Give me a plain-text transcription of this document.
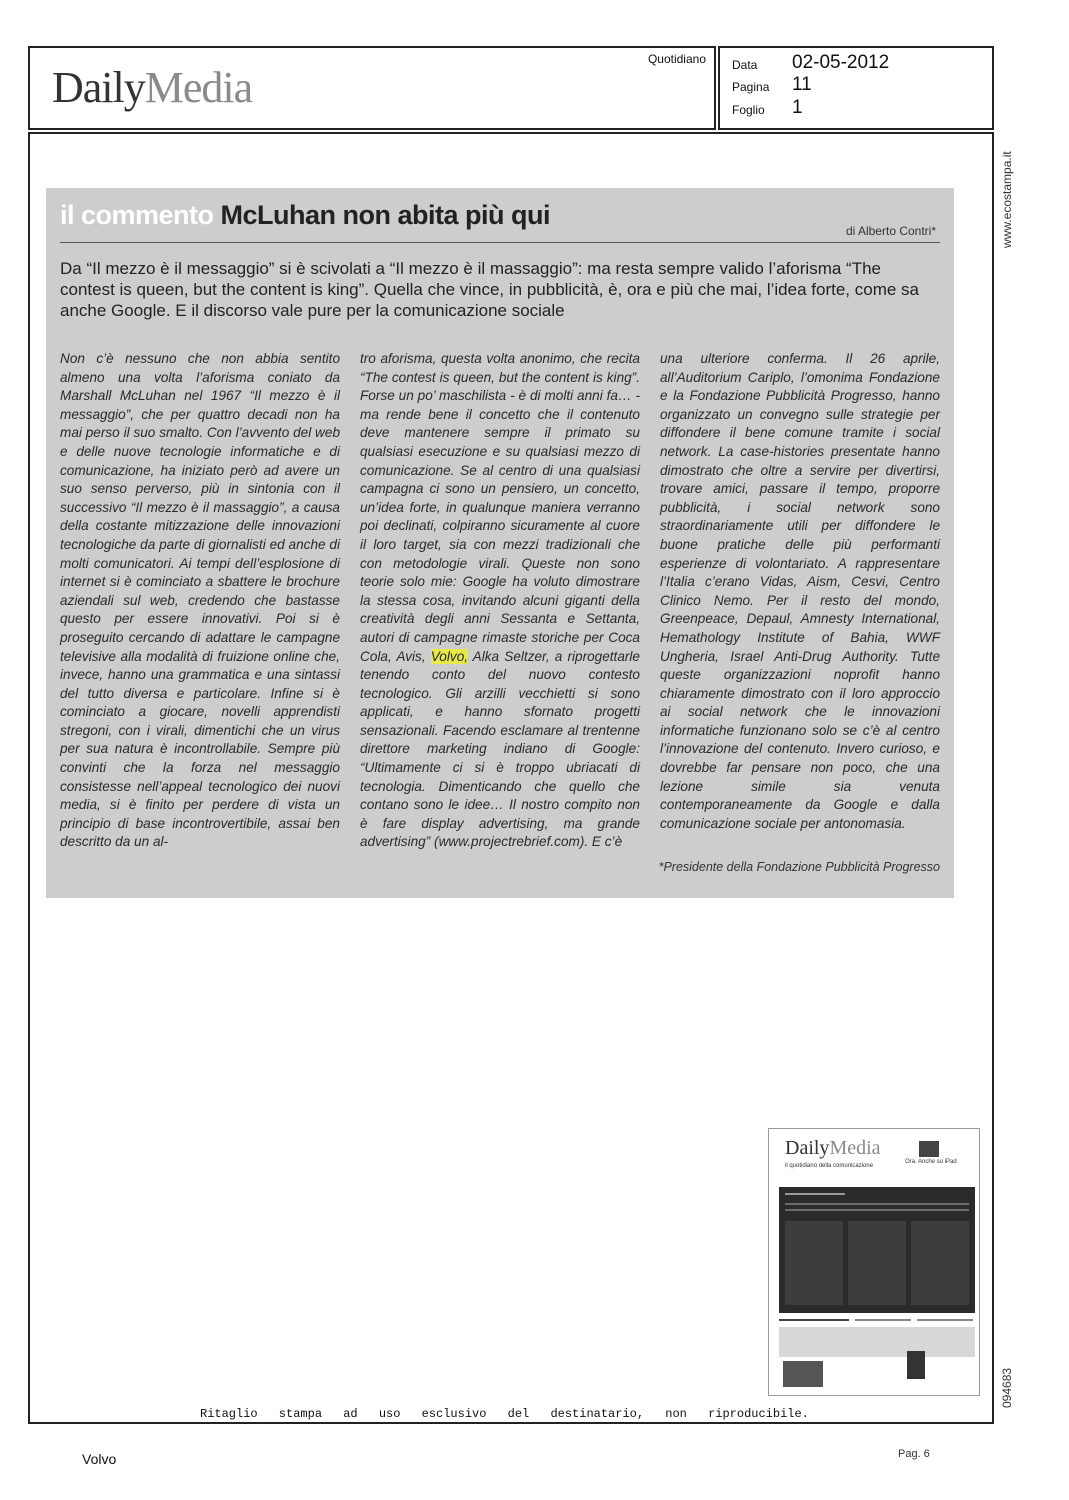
Quotidiano
DailyMedia	Data 02-05-2012
Pagina 11
Foglio 1
www.ecostampa.it
094683
il commento McLuhan non abita più qui
di Alberto Contri*
Da “Il mezzo è il messaggio” si è scivolati a “Il mezzo è il massaggio”: ma resta sempre valido l’aforisma “The contest is queen, but the content is king”. Quella che vince, in pubblicità, è, ora e più che mai, l’idea forte, come sa anche Google. E il discorso vale pure per la comunicazione sociale
Non c’è nessuno che non abbia sentito almeno una volta l’aforisma coniato da Marshall McLuhan nel 1967 “Il mezzo è il messaggio”, che per quattro decadi non ha mai perso il suo smalto. Con l’avvento del web e delle nuove tecnologie informatiche e di comunicazione, ha iniziato però ad avere un suo senso perverso, più in sintonia con il successivo “Il mezzo è il massaggio”, a causa della costante mitizzazione delle innovazioni tecnologiche da parte di giornalisti ed anche di molti comunicatori. Ai tempi dell’esplosione di internet si è cominciato a sbattere le brochure aziendali sul web, credendo che bastasse questo per essere innovativi. Poi si è proseguito cercando di adattare le campagne televisive alla modalità di fruizione online che, invece, hanno una grammatica e una sintassi del tutto diversa e particolare. Infine si è cominciato a giocare, novelli apprendisti stregoni, con i virali, dimentichi che un virus per sua natura è incontrollabile. Sempre più convinti che la forza nel messaggio consistesse nell’appeal tecnologico dei nuovi media, si è finito per perdere di vista un principio di base incontrovertibile, assai ben descritto da un al-
tro aforisma, questa volta anonimo, che recita “The contest is queen, but the content is king”. Forse un po’ maschilista - è di molti anni fa… - ma rende bene il concetto che il contenuto deve mantenere sempre il primato su qualsiasi esecuzione e su qualsiasi mezzo di comunicazione. Se al centro di una qualsiasi campagna ci sono un pensiero, un concetto, un’idea forte, in qualunque maniera verranno poi declinati, colpiranno sicuramente al cuore il loro target, sia con mezzi tradizionali che con metodologie virali. Queste non sono teorie solo mie: Google ha voluto dimostrare la stessa cosa, invitando alcuni giganti della creatività degli anni Sessanta e Settanta, autori di campagne rimaste storiche per Coca Cola, Avis, Volvo, Alka Seltzer, a riprogettarle tenendo conto del nuovo contesto tecnologico. Gli arzilli vecchietti si sono applicati, e hanno sfornato progetti sensazionali. Facendo esclamare al trentenne direttore marketing indiano di Google: “Ultimamente ci si è troppo ubriacati di tecnologia. Dimenticando che quello che contano sono le idee… Il nostro compito non è fare display advertising, ma grande advertising” (www.projectrebrief.com). E c’è
una ulteriore conferma. Il 26 aprile, all’Auditorium Cariplo, l’omonima Fondazione e la Fondazione Pubblicità Progresso, hanno organizzato un convegno sulle strategie per diffondere il bene comune tramite i social network. La case-histories presentate hanno dimostrato che oltre a servire per divertirsi, trovare amici, passare il tempo, proporre pubblicità, i social network sono straordinariamente utili per diffondere le buone pratiche delle più performanti esperienze di volontariato. A rappresentare l’Italia c’erano Vidas, Aism, Cesvi, Centro Clinico Nemo. Per il resto del mondo, Greenpeace, Depaul, Amnesty International, Hemathology Institute of Bahia, WWF Ungheria, Israel Anti-Drug Authority. Tutte queste organizzazioni noprofit hanno chiaramente dimostrato con il loro approccio ai social network che le innovazioni informatiche funzionano solo se c’è al centro l’innovazione del contenuto. Invero curioso, e dovrebbe far pensare non poco, che una lezione simile sia venuta contemporaneamente da Google e dalla comunicazione sociale per antonomasia.
*Presidente della Fondazione Pubblicità Progresso
DailyMedia
il quotidiano della comunicazione
Ora. Anche su iPad
Ritaglio stampa ad uso esclusivo del destinatario, non riproducibile.
Volvo	Pag. 6
